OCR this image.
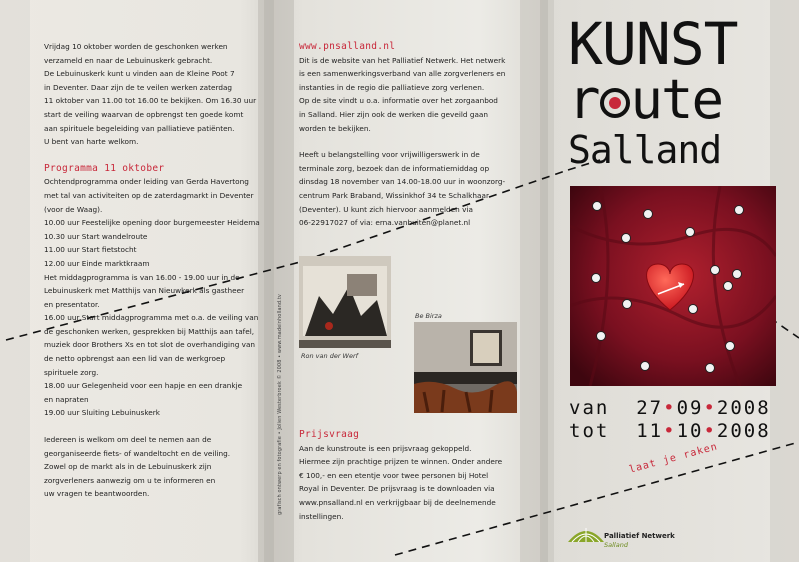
Vrijdag 10 oktober worden de geschonken werken

verzameld en naar de Lebuinuskerk gebracht.

De Lebuinuskerk kunt u vinden aan de Kleine Poot 7

in Deventer. Daar zijn de te veilen werken zaterdag

11 oktober van 11.00 tot 16.00 te bekijken. Om 16.30 uur

start de veiling waarvan de opbrengst ten goede komt

aan spirituele begeleiding van palliatieve patiënten.

U bent van harte welkom.

Programma 11 oktober

Ochtendprogramma onder leiding van Gerda Havertong

met tal van activiteiten op de zaterdagmarkt in Deventer

(voor de Waag).

10.00 uur Feestelijke opening door burgemeester Heidema

10.30 uur Start wandelroute

11.00 uur Start fietstocht

12.00 uur Einde marktkraam

Het middagprogramma is van 16.00 - 19.00 uur in de

Lebuinuskerk met Matthijs van Nieuwkerk als gastheer

en presentator.

16.00 uur Start middagprogramma met o.a. de veiling van

de geschonken werken, gesprekken bij Matthijs aan tafel,

muziek door Brothers Xs en tot slot de overhandiging van

de netto opbrengst aan een lid van de werkgroep

spirituele zorg.

18.00 uur Gelegenheid voor een hapje en een drankje

en napraten

19.00 uur Sluiting Lebuinuskerk

Iedereen is welkom om deel te nemen aan de

georganiseerde fiets- of wandeltocht en de veiling.

Zowel op de markt als in de Lebuinuskerk zijn

zorgverleners aanwezig om u te informeren en

uw vragen te beantwoorden.

www.pnsalland.nl

Dit is de website van het Palliatief Netwerk. Het netwerk

is een samenwerkingsverband van alle zorgverleners en

instanties in de regio die palliatieve zorg verlenen.

Op de site vindt u o.a. informatie over het zorgaanbod

in Salland. Hier zijn ook de werken die geveild gaan

worden te bekijken.

Heeft u belangstelling voor vrijwilligerswerk in de

terminale zorg, bezoek dan de informatiemiddag op

dinsdag 18 november van 14.00-18.00 uur in woonzorg-

centrum Park Braband, Wissinkhof 34 te Schalkhaar

(Deventer). U kunt zich hiervoor aanmelden via

06-22917027 of via: erna.vanbuiten@planet.nl

Ron van der Werf
Be Birza

Prijsvraag

Aan de kunstroute is een prijsvraag gekoppeld.

Hiermee zijn prachtige prijzen te winnen. Onder andere

€ 100,- en een etentje voor twee personen bij Hotel

Royal in Deventer. De prijsvraag is te downloaden via

www.pnsalland.nl en verkrijgbaar bij de deelnemende

instellingen.

grafisch ontwerp en fotografie • Jolien Westerbroek © 2008 • www.madeinholland.tv
KUNST
r ute
Salland
van 27•09•2008
tot 11•10•2008
laat je raken
Palliatief Netwerk
Salland
